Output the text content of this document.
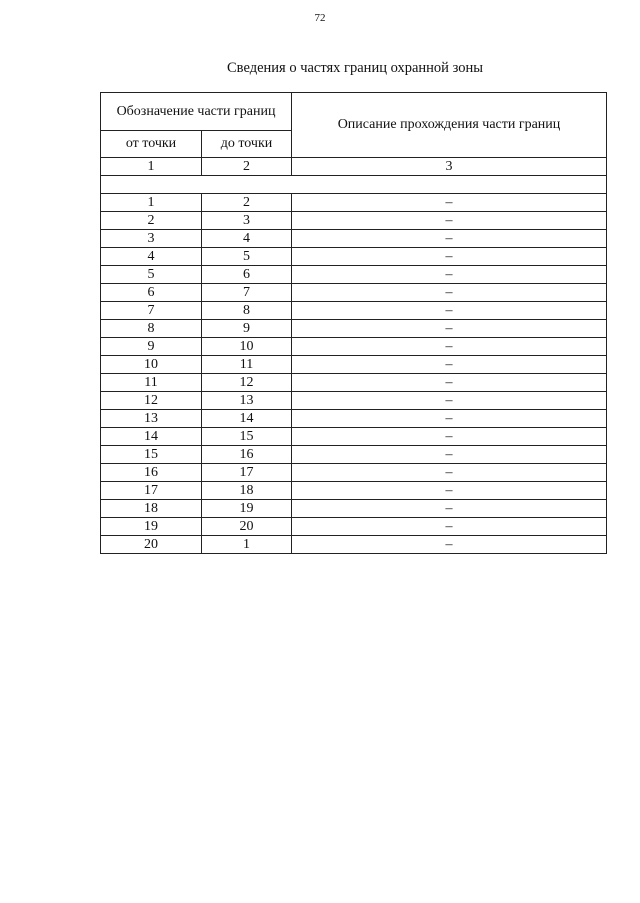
72
Сведения о частях границ охранной зоны
Обозначение части границ		Описание прохождения части границ
от точки	до точки	
1	2	3

1	2	–
2	3	–
3	4	–
4	5	–
5	6	–
6	7	–
7	8	–
8	9	–
9	10	–
10	11	–
11	12	–
12	13	–
13	14	–
14	15	–
15	16	–
16	17	–
17	18	–
18	19	–
19	20	–
20	1	–
